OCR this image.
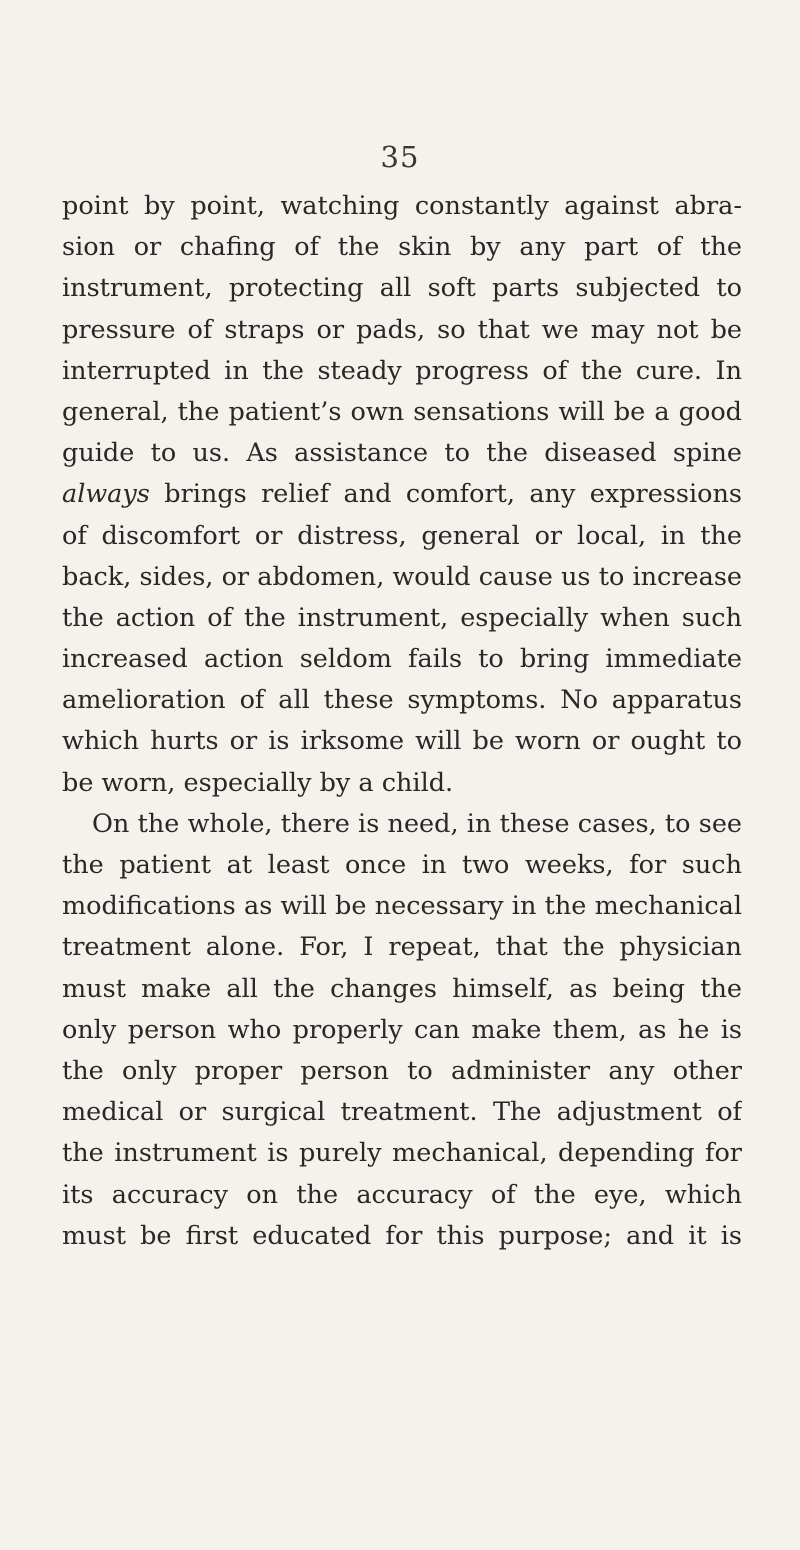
35
point by point, watching constantly against abra-
sion or chafing of the skin by any part of the
instrument, protecting all soft parts subjected to
pressure of straps or pads, so that we may not be
interrupted in the steady progress of the cure. In
general, the patient’s own sensations will be a good
guide to us. As assistance to the diseased spine
always brings relief and comfort, any expressions
of discomfort or distress, general or local, in the
back, sides, or abdomen, would cause us to increase
the action of the instrument, especially when such
increased action seldom fails to bring immediate
amelioration of all these symptoms. No apparatus
which hurts or is irksome will be worn or ought to
be worn, especially by a child.
On the whole, there is need, in these cases, to see
the patient at least once in two weeks, for such
modifications as will be necessary in the mechanical
treatment alone. For, I repeat, that the physician
must make all the changes himself, as being the
only person who properly can make them, as he is
the only proper person to administer any other
medical or surgical treatment. The adjustment of
the instrument is purely mechanical, depending for
its accuracy on the accuracy of the eye, which
must be first educated for this purpose; and it is
